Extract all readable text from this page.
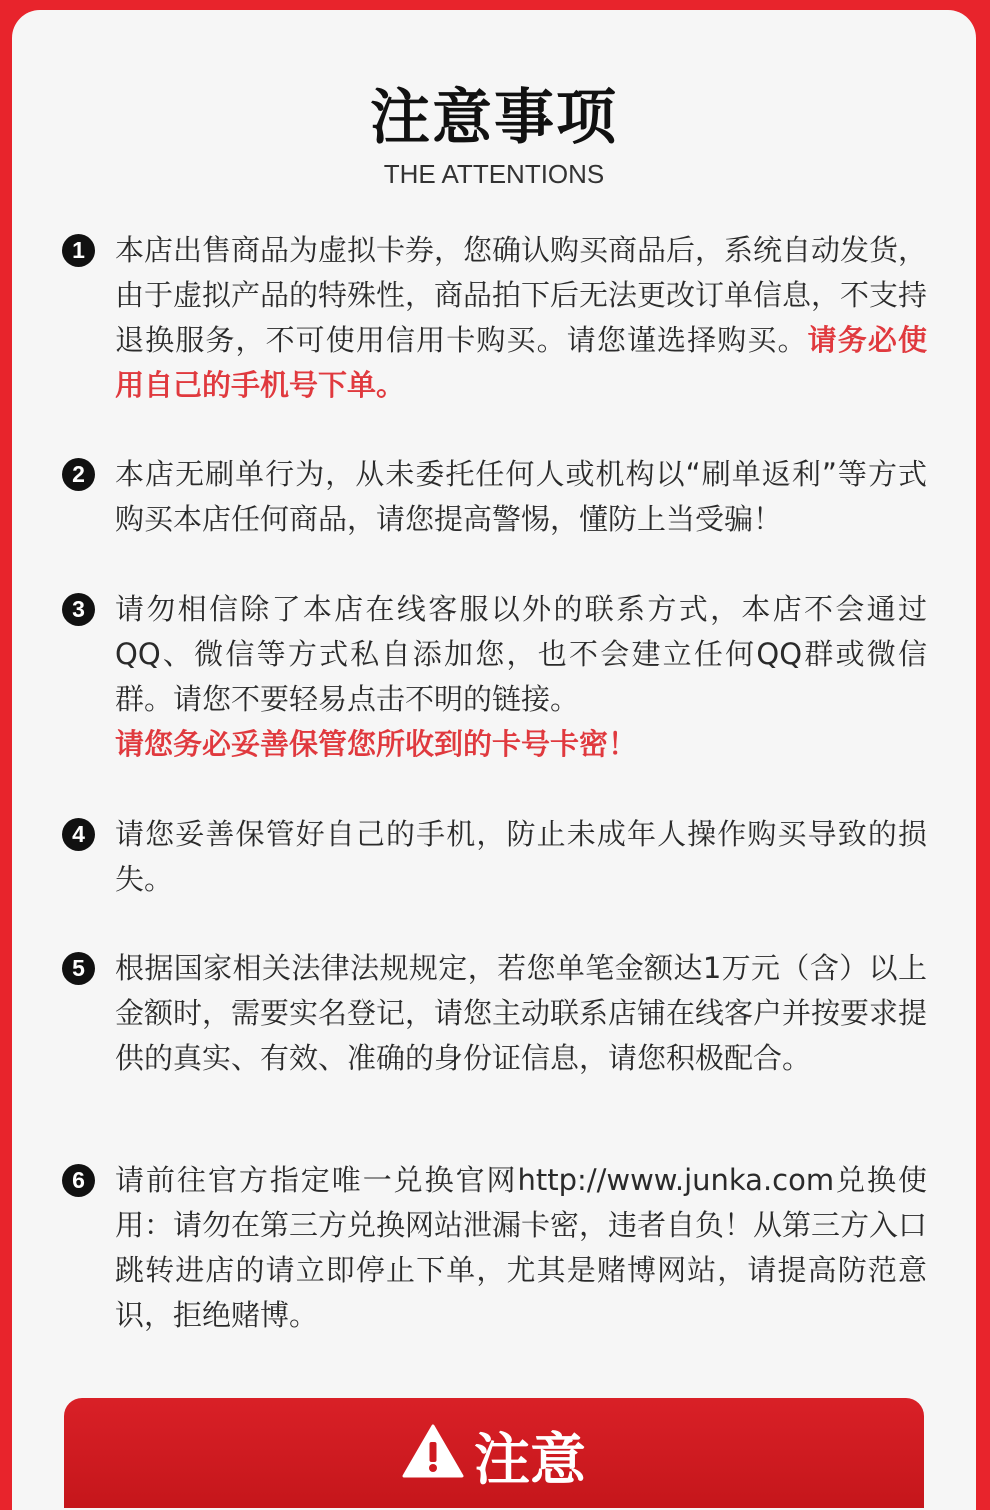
注意事项
THE ATTENTIONS
1	本店出售商品为虚拟卡券，您确认购买商品后，系统自动发货，由于虚拟产品的特殊性，商品拍下后无法更改订单信息，不支持退换服务，不可使用信用卡购买。请您谨选择购买。请务必使用自己的手机号下单。
2	本店无刷单行为，从未委托任何人或机构以“刷单返利”等方式购买本店任何商品，请您提高警惕，懂防上当受骗！
3	请勿相信除了本店在线客服以外的联系方式，本店不会通过QQ、微信等方式私自添加您，也不会建立任何QQ群或微信群。请您不要轻易点击不明的链接。
请您务必妥善保管您所收到的卡号卡密！
4	请您妥善保管好自己的手机，防止未成年人操作购买导致的损失。
5	根据国家相关法律法规规定，若您单笔金额达1万元（含）以上金额时，需要实名登记，请您主动联系店铺在线客户并按要求提供的真实、有效、准确的身份证信息，请您积极配合。
6	请前往官方指定唯一兑换官网http://www.junka.com兑换使用：请勿在第三方兑换网站泄漏卡密，违者自负！从第三方入口跳转进店的请立即停止下单，尤其是赌博网站，请提高防范意识，拒绝赌博。
注意
